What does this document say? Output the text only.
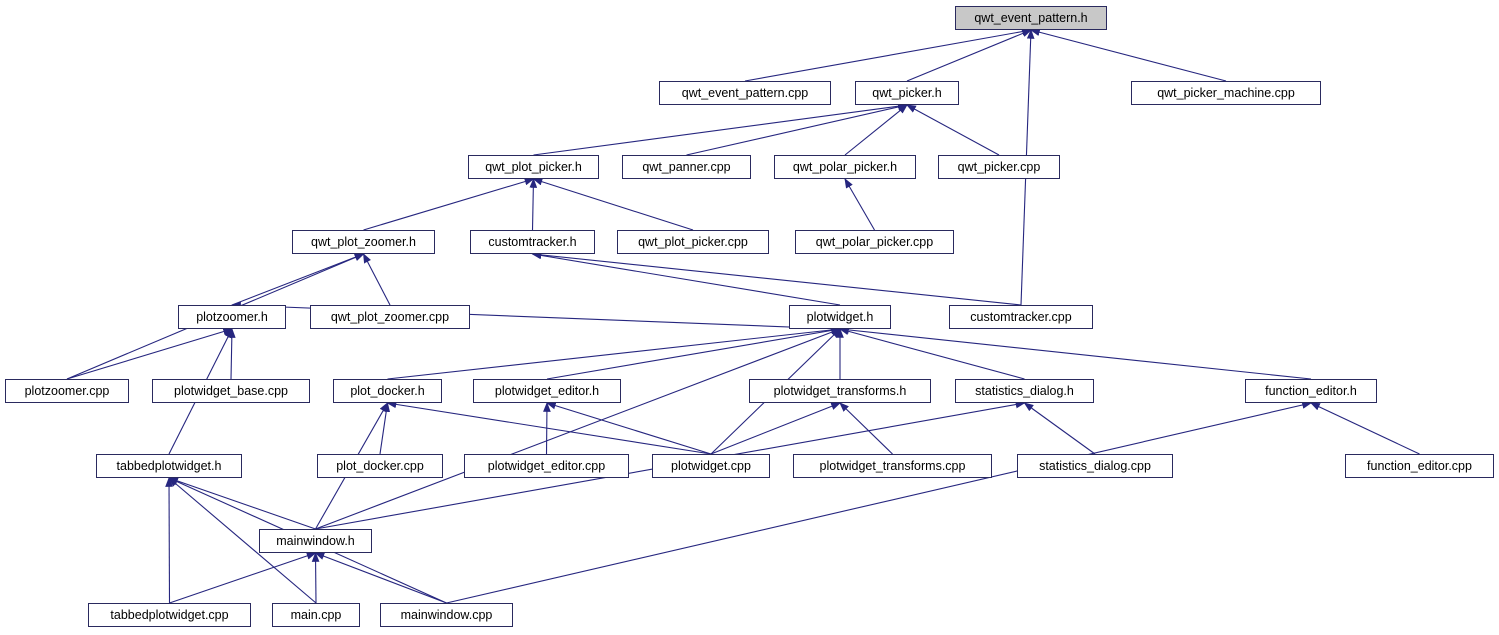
qwt_event_pattern.h
qwt_event_pattern.cpp	qwt_picker.h	qwt_picker_machine.cpp
qwt_plot_picker.h	qwt_panner.cpp	qwt_polar_picker.h	qwt_picker.cpp
qwt_plot_zoomer.h	customtracker.h	qwt_plot_picker.cpp	qwt_polar_picker.cpp
plotzoomer.h	qwt_plot_zoomer.cpp	plotwidget.h	customtracker.cpp
plotzoomer.cpp	plotwidget_base.cpp	plot_docker.h	plotwidget_editor.h	plotwidget_transforms.h	statistics_dialog.h	function_editor.h
tabbedplotwidget.h	plot_docker.cpp	plotwidget_editor.cpp	plotwidget.cpp	plotwidget_transforms.cpp	statistics_dialog.cpp	function_editor.cpp
mainwindow.h
tabbedplotwidget.cpp	main.cpp	mainwindow.cpp
